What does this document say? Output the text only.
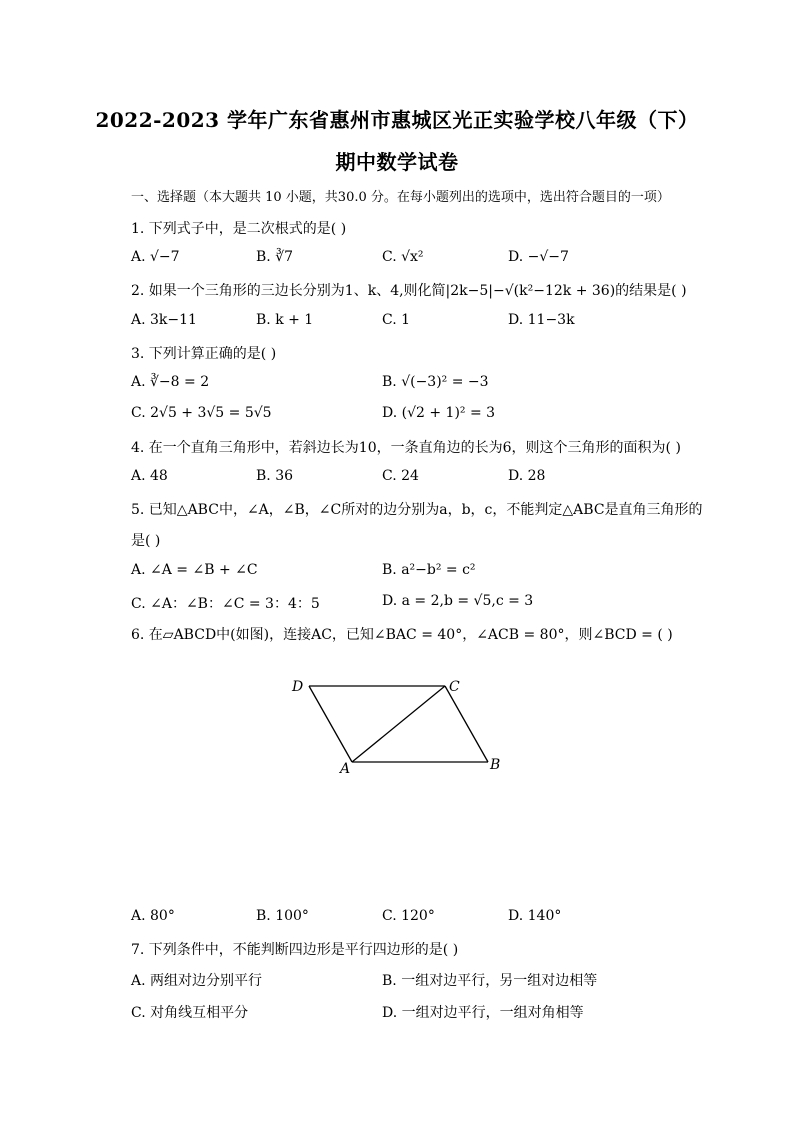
2022-2023 学年广东省惠州市惠城区光正实验学校八年级（下）
期中数学试卷
一、选择题（本大题共 10 小题，共30.0 分。在每小题列出的选项中，选出符合题目的一项）
1. 下列式子中，是二次根式的是( )
A. √−7	B. ∛7	C. √x²	D. −√−7
2. 如果一个三角形的三边长分别为1、k、4,则化简|2k−5|−√(k²−12k + 36)的结果是( )
A. 3k−11	B. k + 1	C. 1	D. 11−3k
3. 下列计算正确的是( )
A. ∛−8 = 2	B. √(−3)² = −3
C. 2√5 + 3√5 = 5√5	D. (√2 + 1)² = 3
4. 在一个直角三角形中，若斜边长为10，一条直角边的长为6，则这个三角形的面积为( )
A. 48	B. 36	C. 24	D. 28
5. 已知△ABC中，∠A，∠B，∠C所对的边分别为a，b，c，不能判定△ABC是直角三角形的
是( )
A. ∠A = ∠B + ∠C	B. a²−b² = c²
C. ∠A：∠B：∠C = 3：4：5	D. a = 2,b = √5,c = 3
6. 在▱ABCD中(如图)，连接AC，已知∠BAC = 40°，∠ACB = 80°，则∠BCD = ( )
D	C
A	B
A. 80°	B. 100°	C. 120°	D. 140°
7. 下列条件中，不能判断四边形是平行四边形的是( )
A. 两组对边分别平行	B. 一组对边平行，另一组对边相等
C. 对角线互相平分	D. 一组对边平行，一组对角相等
